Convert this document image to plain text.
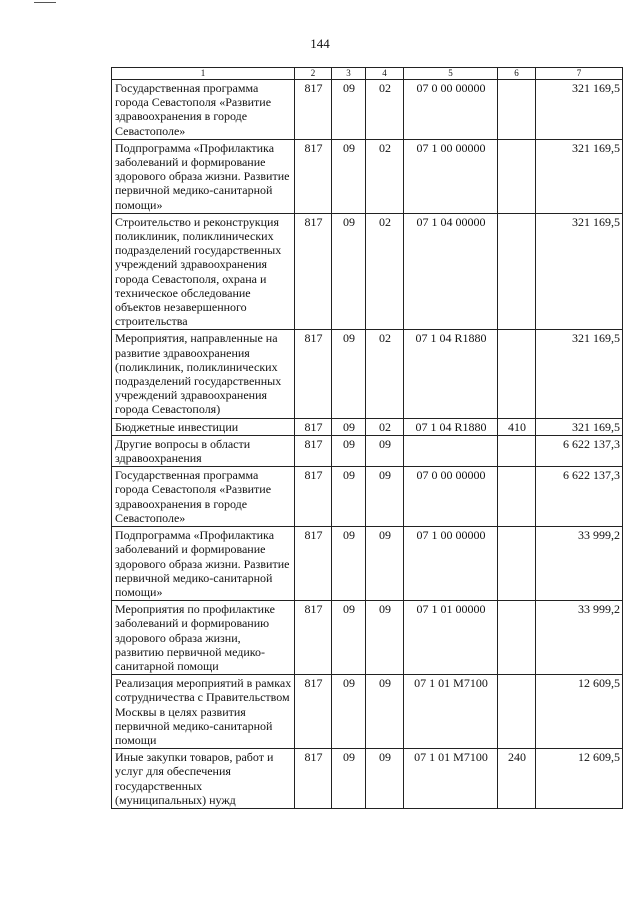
144
1	2	3	4	5	6	7
Государственная программа города Севастополя «Развитие здравоохранения в городе Севастополе»	817	09	02	07 0 00 00000		321 169,5
Подпрограмма «Профилактика заболеваний и формирование здорового образа жизни. Развитие первичной медико-санитарной помощи»	817	09	02	07 1 00 00000		321 169,5
Строительство и реконструкция поликлиник, поликлинических подразделений государственных учреждений здравоохранения города Севастополя, охрана и техническое обследование объектов незавершенного строительства	817	09	02	07 1 04 00000		321 169,5
Мероприятия, направленные на развитие здравоохранения (поликлиник, поликлинических подразделений государственных учреждений здравоохранения города Севастополя)	817	09	02	07 1 04 R1880		321 169,5
Бюджетные инвестиции	817	09	02	07 1 04 R1880	410	321 169,5
Другие вопросы в области здравоохранения	817	09	09			6 622 137,3
Государственная программа города Севастополя «Развитие здравоохранения в городе Севастополе»	817	09	09	07 0 00 00000		6 622 137,3
Подпрограмма «Профилактика заболеваний и формирование здорового образа жизни. Развитие первичной медико-санитарной помощи»	817	09	09	07 1 00 00000		33 999,2
Мероприятия по профилактике заболеваний и формированию здорового образа жизни, развитию первичной медико-санитарной помощи	817	09	09	07 1 01 00000		33 999,2
Реализация мероприятий в рамках сотрудничества с Правительством Москвы в целях развития первичной медико-санитарной помощи	817	09	09	07 1 01 M7100		12 609,5
Иные закупки товаров, работ и услуг для обеспечения государственных (муниципальных) нужд	817	09	09	07 1 01 M7100	240	12 609,5
